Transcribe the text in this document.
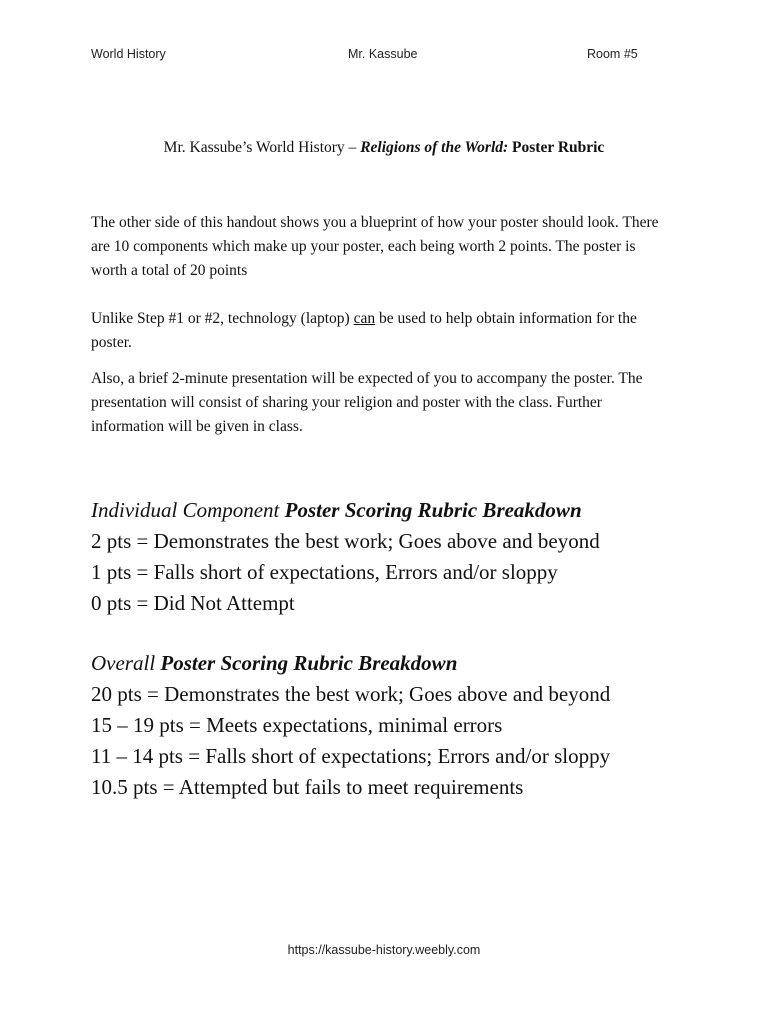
World History	Mr. Kassube	Room #5
Mr. Kassube’s World History – Religions of the World: Poster Rubric

The other side of this handout shows you a blueprint of how your poster should look. There are 10 components which make up your poster, each being worth 2 points. The poster is worth a total of 20 points

Unlike Step #1 or #2, technology (laptop) can be used to help obtain information for the poster.

Also, a brief 2-minute presentation will be expected of you to accompany the poster. The presentation will consist of sharing your religion and poster with the class. Further information will be given in class.

Individual Component Poster Scoring Rubric Breakdown
2 pts = Demonstrates the best work; Goes above and beyond
1 pts = Falls short of expectations, Errors and/or sloppy
0 pts = Did Not Attempt
Overall Poster Scoring Rubric Breakdown
20 pts = Demonstrates the best work; Goes above and beyond
15 – 19 pts = Meets expectations, minimal errors
11 – 14 pts = Falls short of expectations; Errors and/or sloppy
10.5 pts = Attempted but fails to meet requirements
https://kassube-history.weebly.com
